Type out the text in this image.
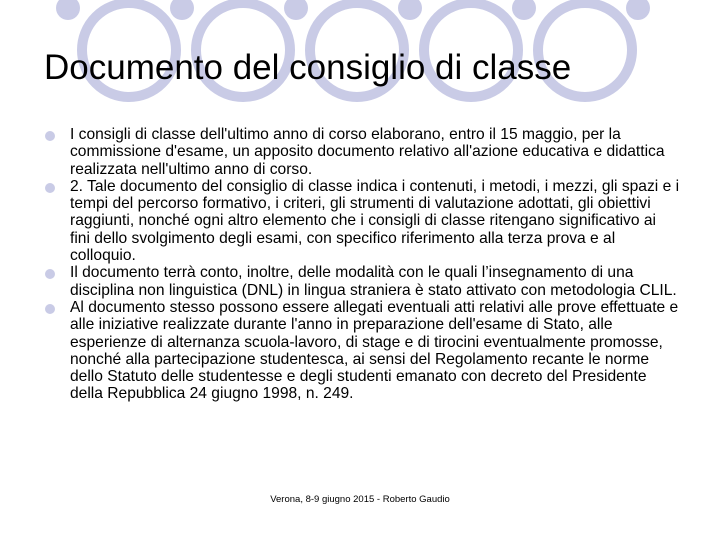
Documento del consiglio di classe
I consigli di classe dell'ultimo anno di corso elaborano, entro il 15 maggio, per la commissione d'esame, un apposito documento relativo all'azione educativa e didattica realizzata nell'ultimo anno di corso.
2. Tale documento del consiglio di classe indica i contenuti, i metodi, i mezzi, gli spazi e i tempi del percorso formativo, i criteri, gli strumenti di valutazione adottati, gli obiettivi raggiunti, nonché ogni altro elemento che i consigli di classe ritengano significativo ai fini dello svolgimento degli esami, con specifico riferimento alla terza prova e al colloquio.
Il documento terrà conto, inoltre, delle modalità con le quali l’insegnamento di una disciplina non linguistica (DNL) in lingua straniera è stato attivato con metodologia CLIL.
Al documento stesso possono essere allegati eventuali atti relativi alle prove effettuate e alle iniziative realizzate durante l'anno in preparazione dell'esame di Stato, alle esperienze di alternanza scuola-lavoro, di stage e di tirocini eventualmente promosse, nonché alla partecipazione studentesca, ai sensi del Regolamento recante le norme dello Statuto delle studentesse e degli studenti emanato con decreto del Presidente della Repubblica 24 giugno 1998, n. 249.
Verona, 8-9 giugno 2015 - Roberto Gaudio
